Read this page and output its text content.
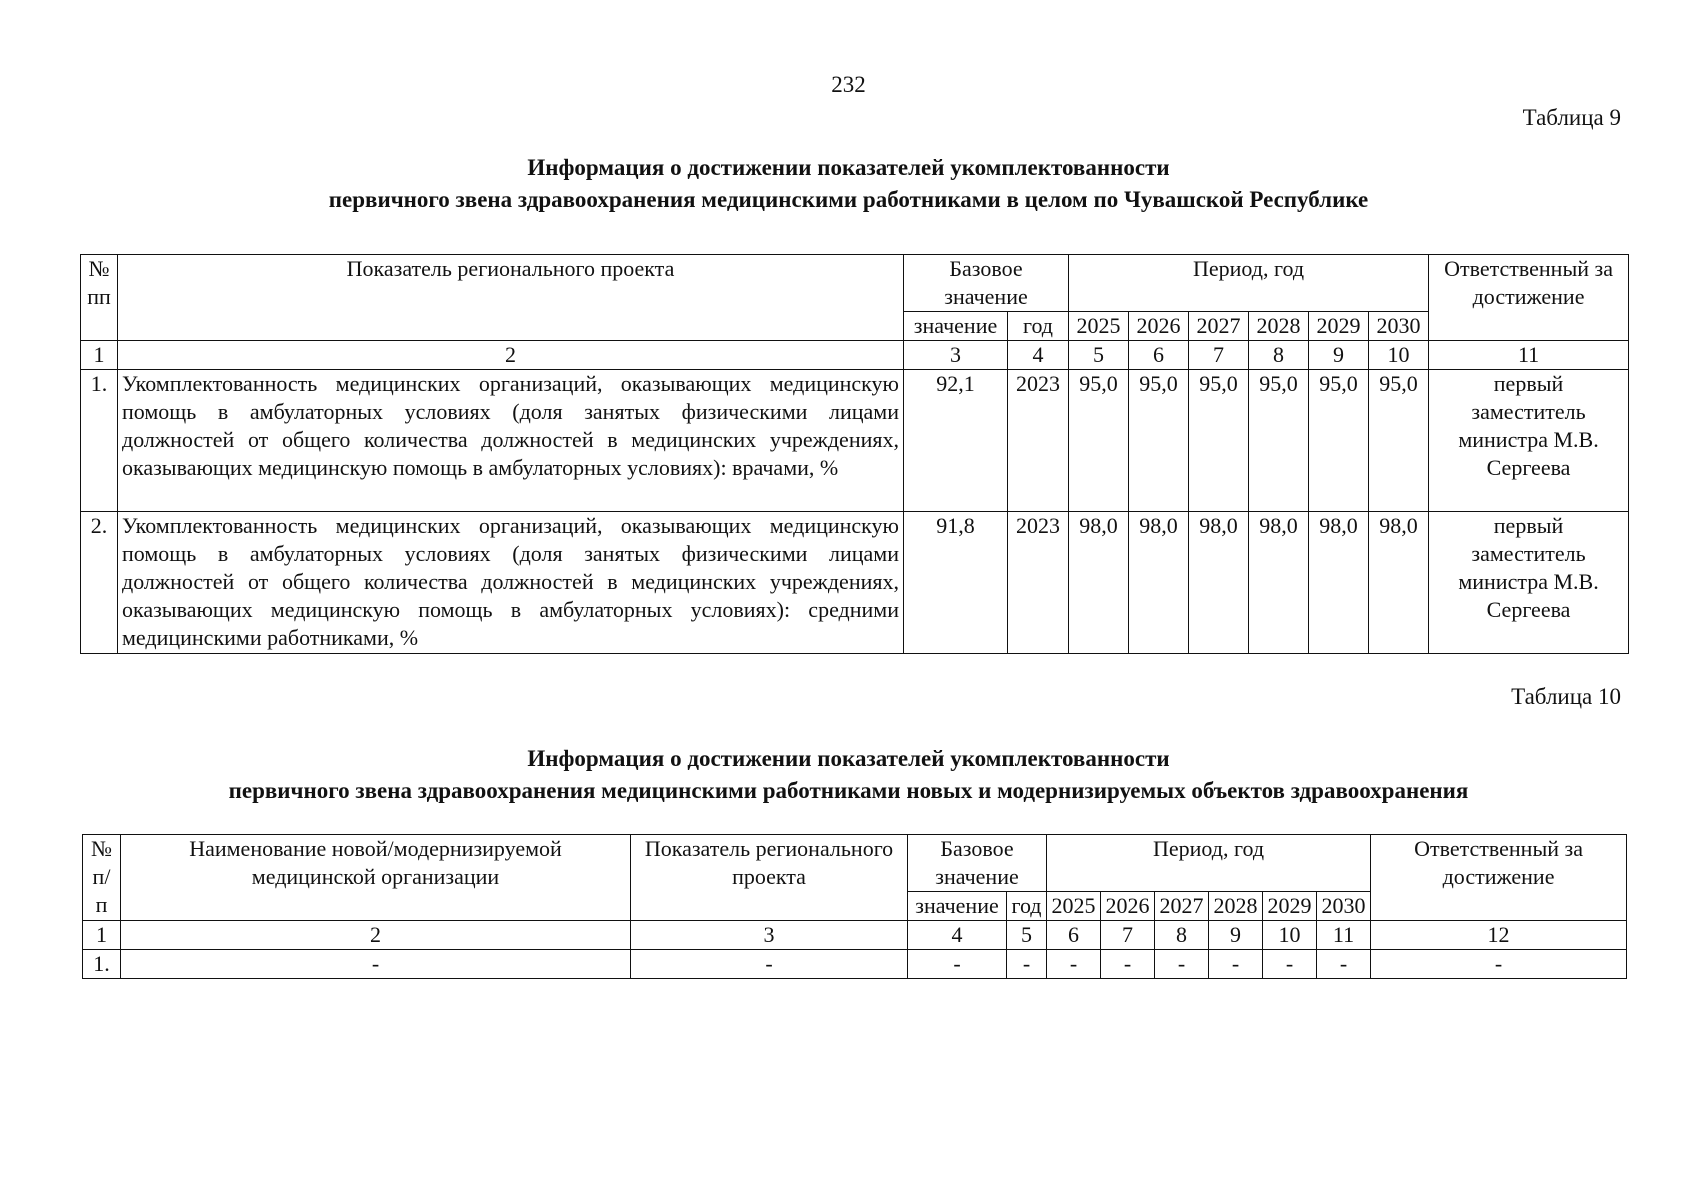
232
Таблица 9
Информация о достижении показателей укомплектованности
первичного звена здравоохранения медицинскими работниками в целом по Чувашской Республике
№ пп	Показатель регионального проекта	Базовое значение		Период, год						Ответственный за достижение
		значение	год	2025	2026	2027	2028	2029	2030	
1	2	3	4	5	6	7	8	9	10	11
1.	Укомплектованность медицинских организаций, оказывающих медицинскую помощь в амбулаторных условиях (доля занятых физическими лицами должностей от общего количества должностей в медицинских учреждениях, оказывающих медицинскую помощь в амбулаторных условиях): врачами, %	92,1	2023	95,0	95,0	95,0	95,0	95,0	95,0	первый заместитель министра М.В. Сергеева
2.	Укомплектованность медицинских организаций, оказывающих медицинскую помощь в амбулаторных условиях (доля занятых физическими лицами должностей от общего количества должностей в медицинских учреждениях, оказывающих медицинскую помощь в амбулаторных условиях): средними медицинскими работниками, %	91,8	2023	98,0	98,0	98,0	98,0	98,0	98,0	первый заместитель министра М.В. Сергеева
Таблица 10
Информация о достижении показателей укомплектованности
первичного звена здравоохранения медицинскими работниками новых и модернизируемых объектов здравоохранения
№ п/п	Наименование новой/модернизируемой медицинской организации	Показатель регионального проекта	Базовое значение		Период, год						Ответственный за достижение
			значение	год	2025	2026	2027	2028	2029	2030	
1	2	3	4	5	6	7	8	9	10	11	12
1.	-	-	-	-	-	-	-	-	-	-	-
